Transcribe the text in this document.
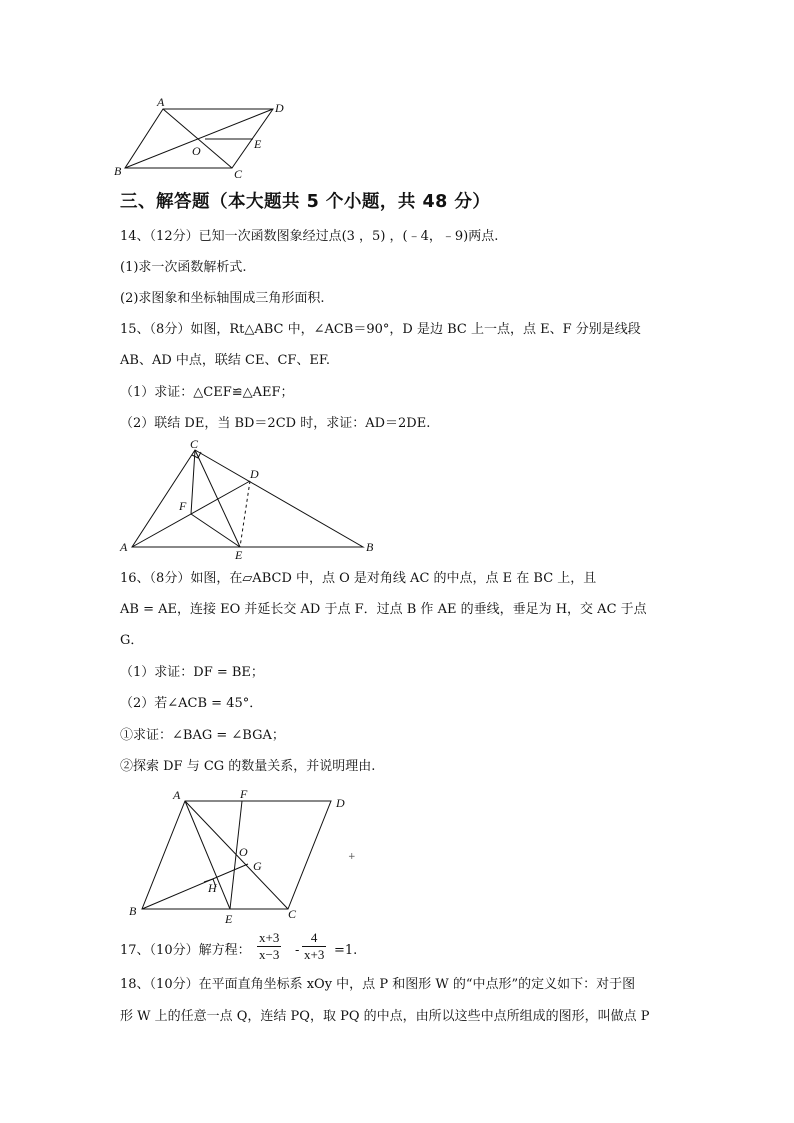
A	D
B	C
O	E
三、解答题（本大题共 5 个小题，共 48 分）
14、（12分）已知一次函数图象经过点(3 ，5) ，(﹣4，﹣9)两点.
(1)求一次函数解析式.
(2)求图象和坐标轴围成三角形面积.
15、（8分）如图，Rt△ABC 中，∠ACB＝90°，D 是边 BC 上一点，点 E、F 分别是线段
AB、AD 中点，联结 CE、CF、EF.
（1）求证：△CEF≌△AEF；
（2）联结 DE，当 BD＝2CD 时，求证：AD＝2DE.
C
D
F
A
E
B
16、（8分）如图，在▱ABCD 中，点 O 是对角线 AC 的中点，点 E 在 BC 上，且
AB = AE，连接 EO 并延长交 AD 于点 F．过点 B 作 AE 的垂线，垂足为 H，交 AC 于点
G．
（1）求证：DF = BE；
（2）若∠ACB = 45°．
①求证：∠BAG = ∠BGA；
②探索 DF 与 CG 的数量关系，并说明理由.
A	F
D
O
G
H
B
E	C
+
17、（10分）解方程： $\frac{x+3}{x-3} - \frac{4}{x+3} =1$.
18、（10分）在平面直角坐标系 xOy 中，点 P 和图形 W 的“中点形”的定义如下：对于图
形 W 上的任意一点 Q，连结 PQ，取 PQ 的中点，由所以这些中点所组成的图形，叫做点 P
